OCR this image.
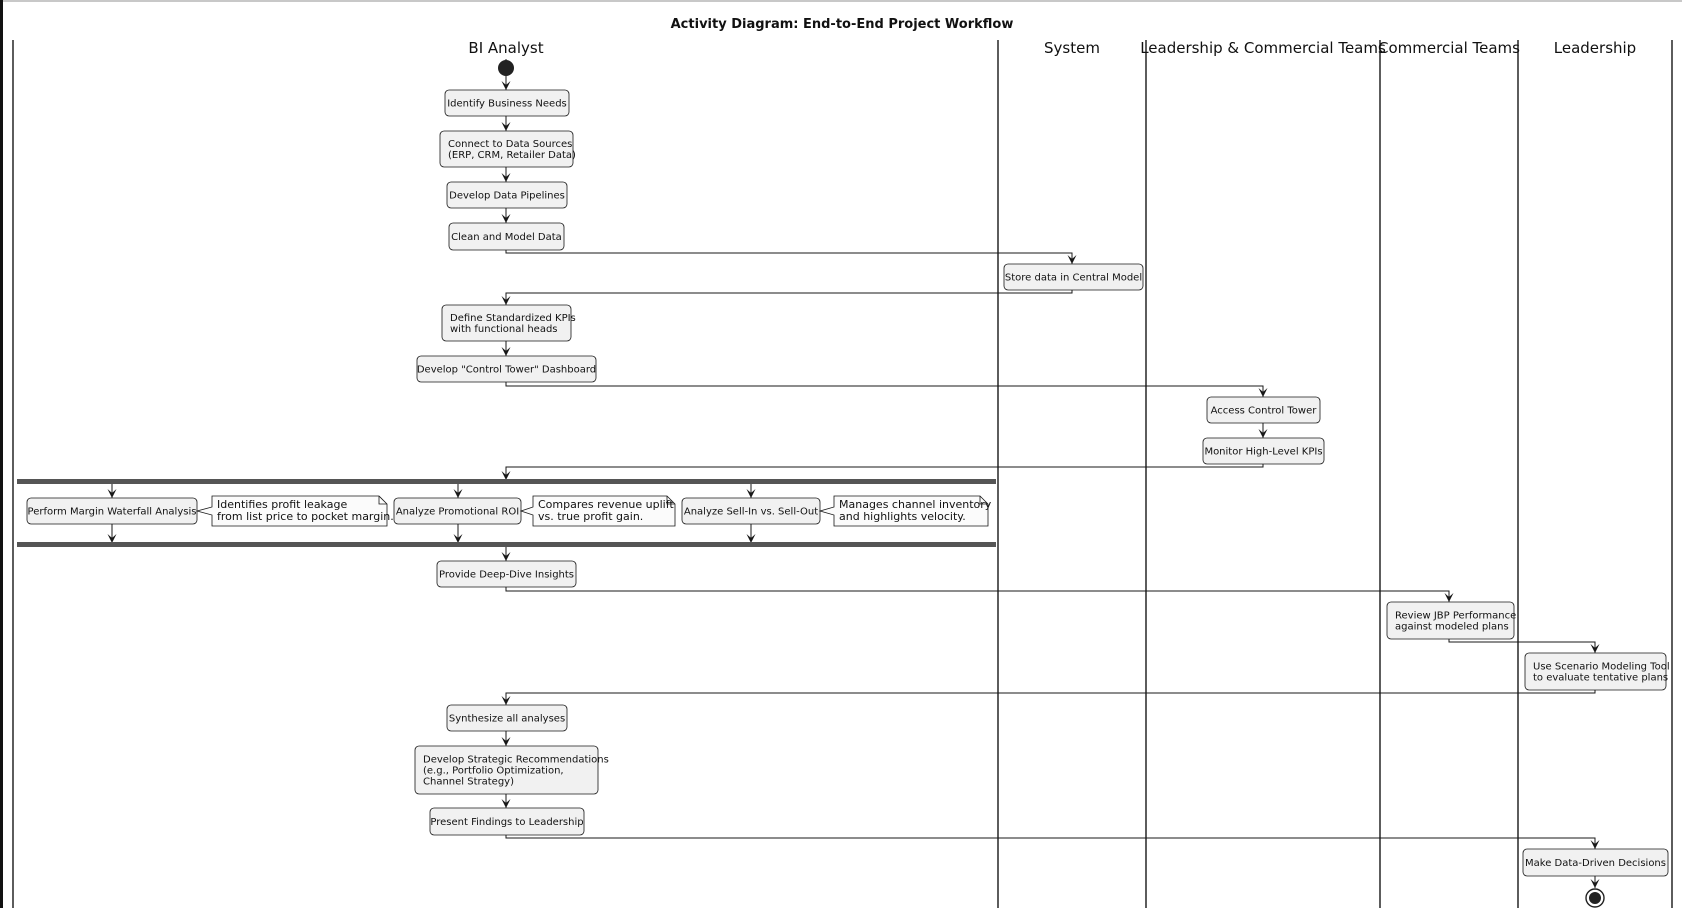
Activity Diagram: End-to-End Project Workflow
BI Analyst	System	Leadership & Commercial Teams
Commercial Teams Leadership
Identify Business Needs
Connect to Data Sources
(ERP, CRM, Retailer Data)
Develop Data Pipelines
Clean and Model Data
Store data in Central Model
Define Standardized KPIs
with functional heads
Develop "Control Tower" Dashboard
Access Control Tower
Monitor High-Level KPIs
Perform Margin Waterfall Analysis	Analyze Promotional ROI	Analyze Sell-In vs. Sell-Out
Provide Deep-Dive Insights
Review JBP Performance
against modeled plans
Use Scenario Modeling Tool
to evaluate tentative plans
Synthesize all analyses
Develop Strategic Recommendations
(e.g., Portfolio Optimization,
Channel Strategy)
Present Findings to Leadership
Make Data-Driven Decisions
Identifies profit leakage
from list price to pocket margin.
Compares revenue uplift
vs. true profit gain.
Manages channel inventory
and highlights velocity.
